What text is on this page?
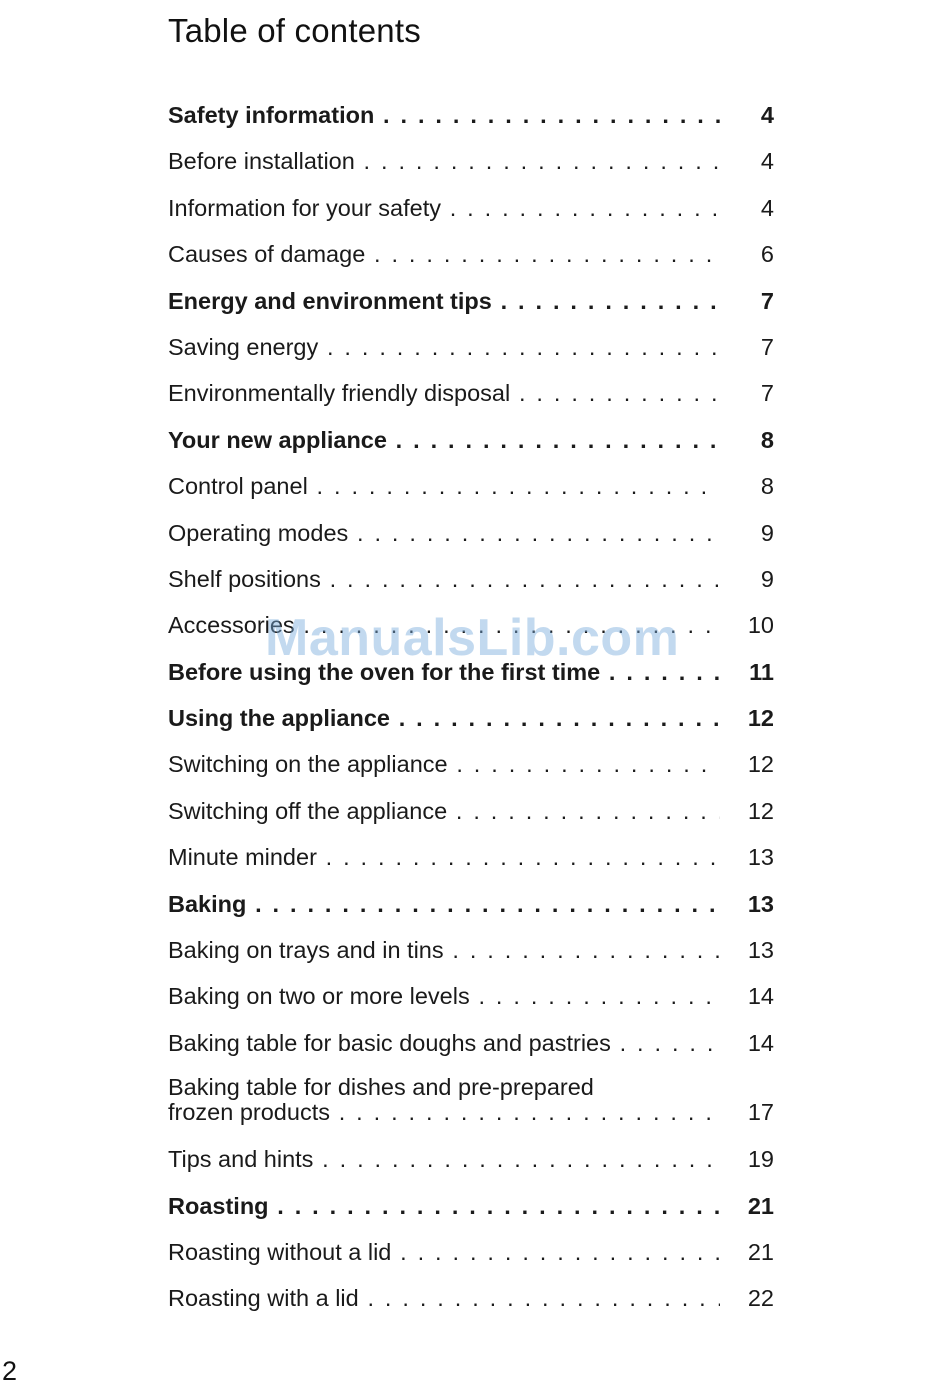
Table of contents
Safety information . . .	4
Before installation . . .	4
Information for your safety . . .	4
Causes of damage . . .	6
Energy and environment tips . . .	7
Saving energy . . .	7
Environmentally friendly disposal . . .	7
Your new appliance . . .	8
Control panel . . .	8
Operating modes . . .	9
Shelf positions . . .	9
Accessories . . .	10
Before using the oven for the first time . . .	11
Using the appliance . . .	12
Switching on the appliance . . .	12
Switching off the appliance . . .	12
Minute minder . . .	13
Baking . . .	13
Baking on trays and in tins . . .	13
Baking on two or more levels . . .	14
Baking table for basic doughs and pastries . . .	14
Baking table for dishes and pre-prepared
frozen products . . .	17
Tips and hints . . .	19
Roasting . . .	21
Roasting without a lid . . .	21
Roasting with a lid . . .	22
ManualsLib.com
2
